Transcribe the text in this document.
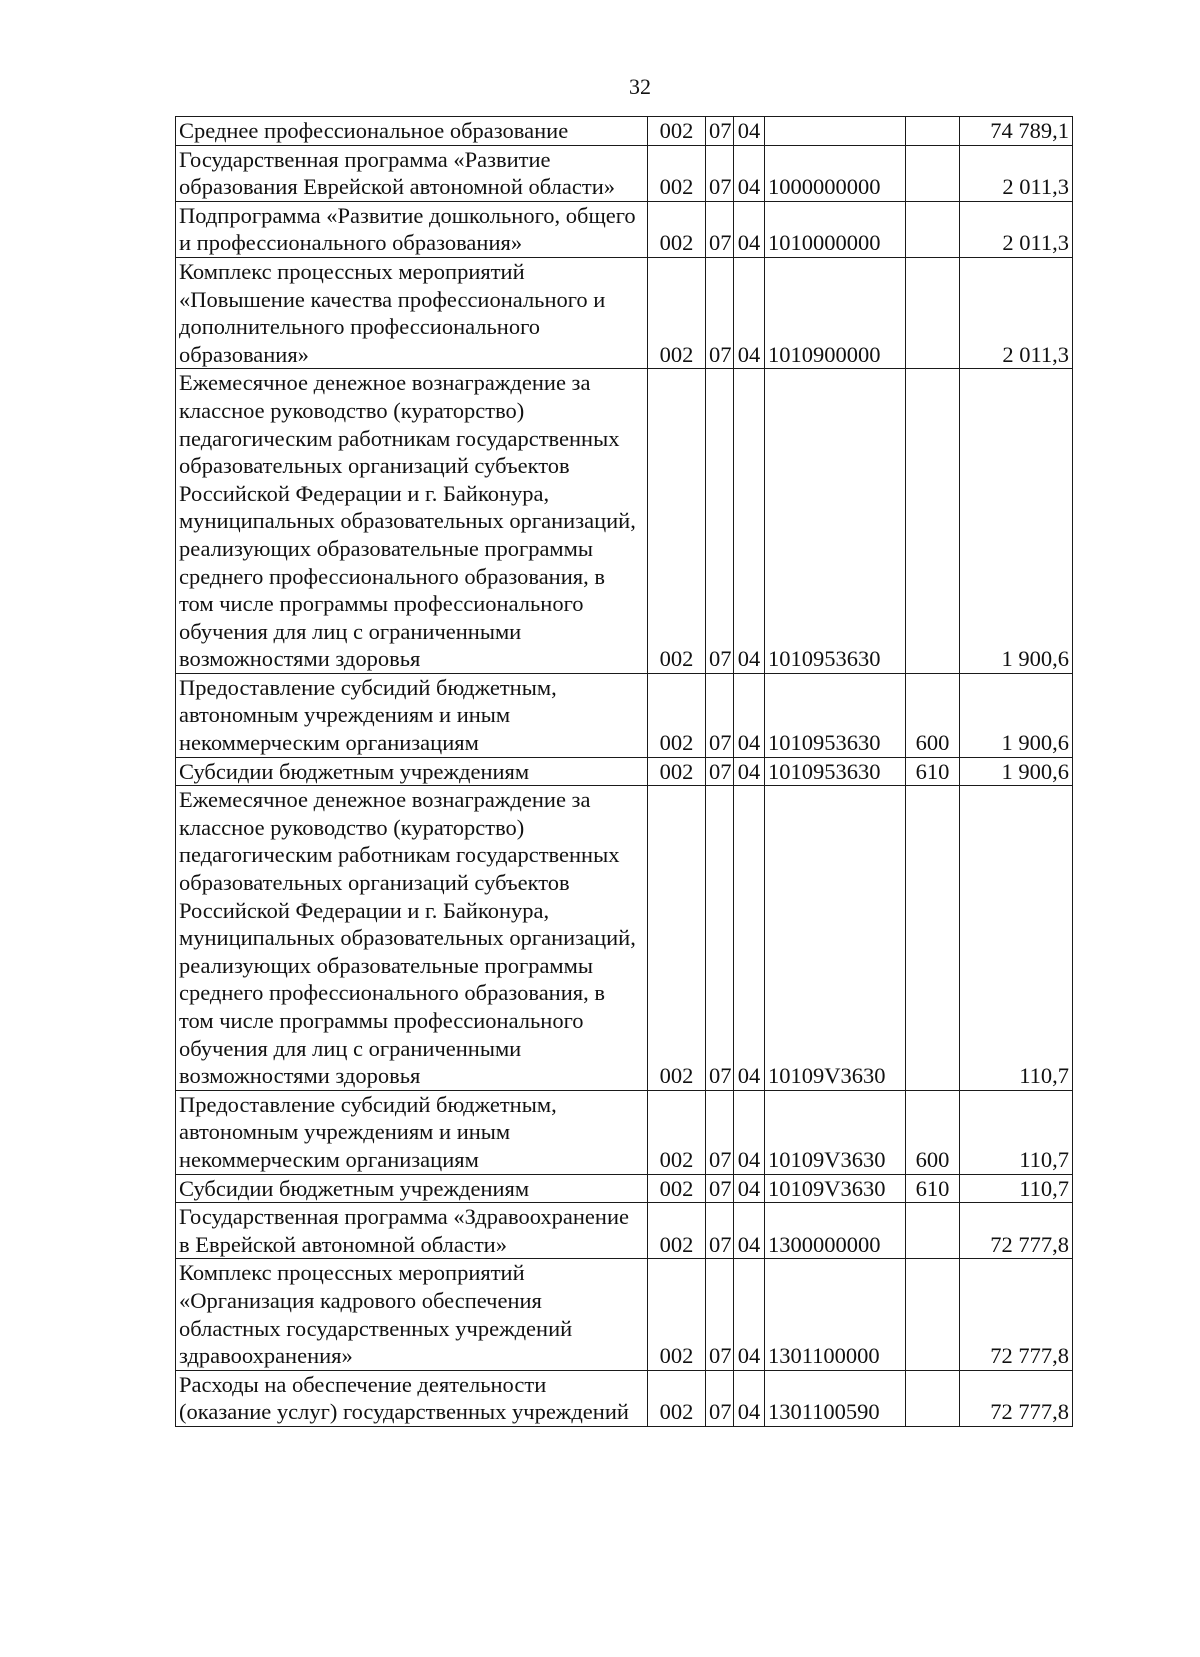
32
Среднее профессиональное образование	002	07	04			74 789,1
Государственная программа «Развитие образования Еврейской автономной области»	002	07	04	1000000000		2 011,3
Подпрограмма «Развитие дошкольного, общего и профессионального образования»	002	07	04	1010000000		2 011,3
Комплекс процессных мероприятий «Повышение качества профессионального и дополнительного профессионального образования»	002	07	04	1010900000		2 011,3
Ежемесячное денежное вознаграждение за классное руководство (кураторство) педагогическим работникам государственных образовательных организаций субъектов Российской Федерации и г. Байконура, муниципальных образовательных организаций, реализующих образовательные программы среднего профессионального образования, в том числе программы профессионального обучения для лиц с ограниченными возможностями здоровья	002	07	04	1010953630		1 900,6
Предоставление субсидий бюджетным, автономным учреждениям и иным некоммерческим организациям	002	07	04	1010953630	600	1 900,6
Субсидии бюджетным учреждениям	002	07	04	1010953630	610	1 900,6
Ежемесячное денежное вознаграждение за классное руководство (кураторство) педагогическим работникам государственных образовательных организаций субъектов Российской Федерации и г. Байконура, муниципальных образовательных организаций, реализующих образовательные программы среднего профессионального образования, в том числе программы профессионального обучения для лиц с ограниченными возможностями здоровья	002	07	04	10109V3630		110,7
Предоставление субсидий бюджетным, автономным учреждениям и иным некоммерческим организациям	002	07	04	10109V3630	600	110,7
Субсидии бюджетным учреждениям	002	07	04	10109V3630	610	110,7
Государственная программа «Здравоохранение в Еврейской автономной области»	002	07	04	1300000000		72 777,8
Комплекс процессных мероприятий «Организация кадрового обеспечения областных государственных учреждений здравоохранения»	002	07	04	1301100000		72 777,8
Расходы на обеспечение деятельности (оказание услуг) государственных учреждений	002	07	04	1301100590		72 777,8
